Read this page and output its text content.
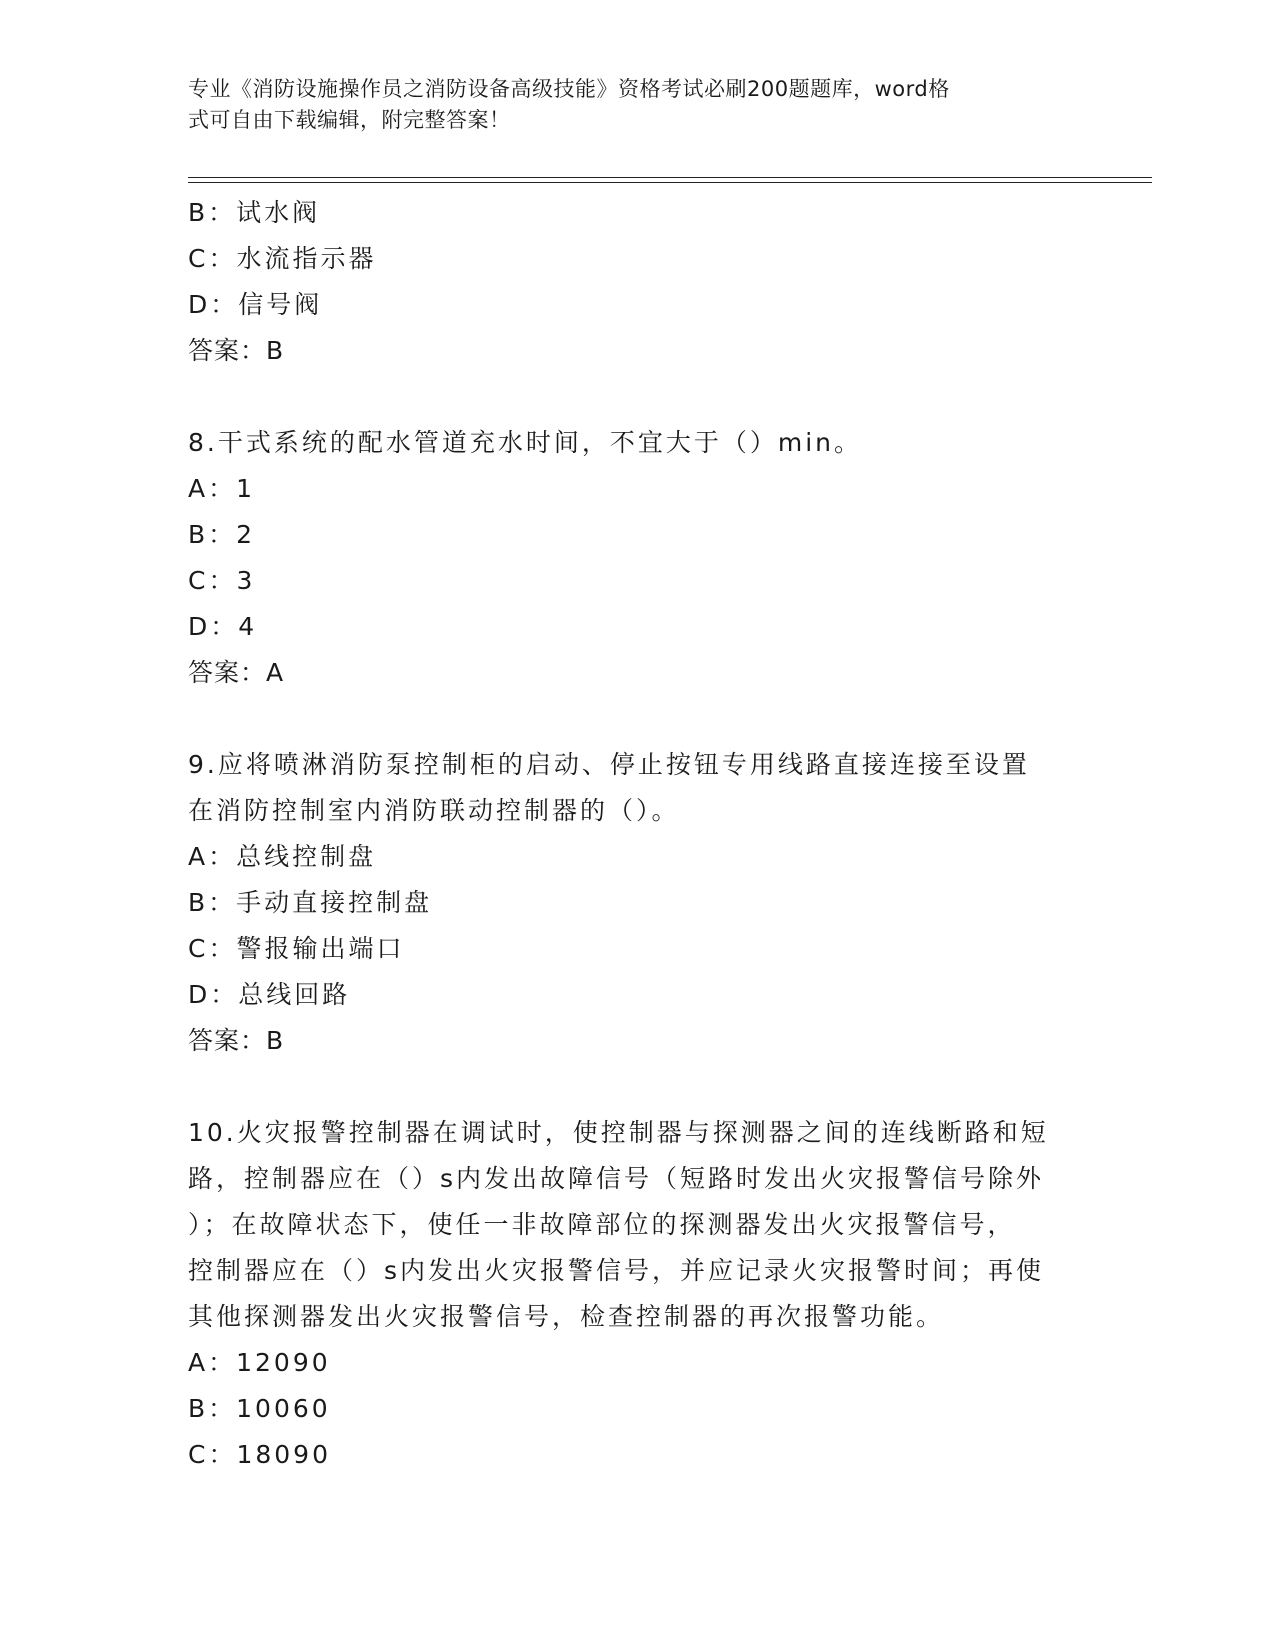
专业《消防设施操作员之消防设备高级技能》资格考试必刷200题题库，word格
式可自由下载编辑，附完整答案！
B：试水阀
C：水流指示器
D：信号阀
答案：B
8.干式系统的配水管道充水时间，不宜大于（）min。
A：1
B：2
C：3
D：4
答案：A
9.应将喷淋消防泵控制柜的启动、停止按钮专用线路直接连接至设置
在消防控制室内消防联动控制器的（）。
A：总线控制盘
B：手动直接控制盘
C：警报输出端口
D：总线回路
答案：B
10.火灾报警控制器在调试时，使控制器与探测器之间的连线断路和短
路，控制器应在（）s内发出故障信号（短路时发出火灾报警信号除外
）；在故障状态下，使任一非故障部位的探测器发出火灾报警信号，
控制器应在（）s内发出火灾报警信号，并应记录火灾报警时间；再使
其他探测器发出火灾报警信号，检查控制器的再次报警功能。
A：12090
B：10060
C：18090
